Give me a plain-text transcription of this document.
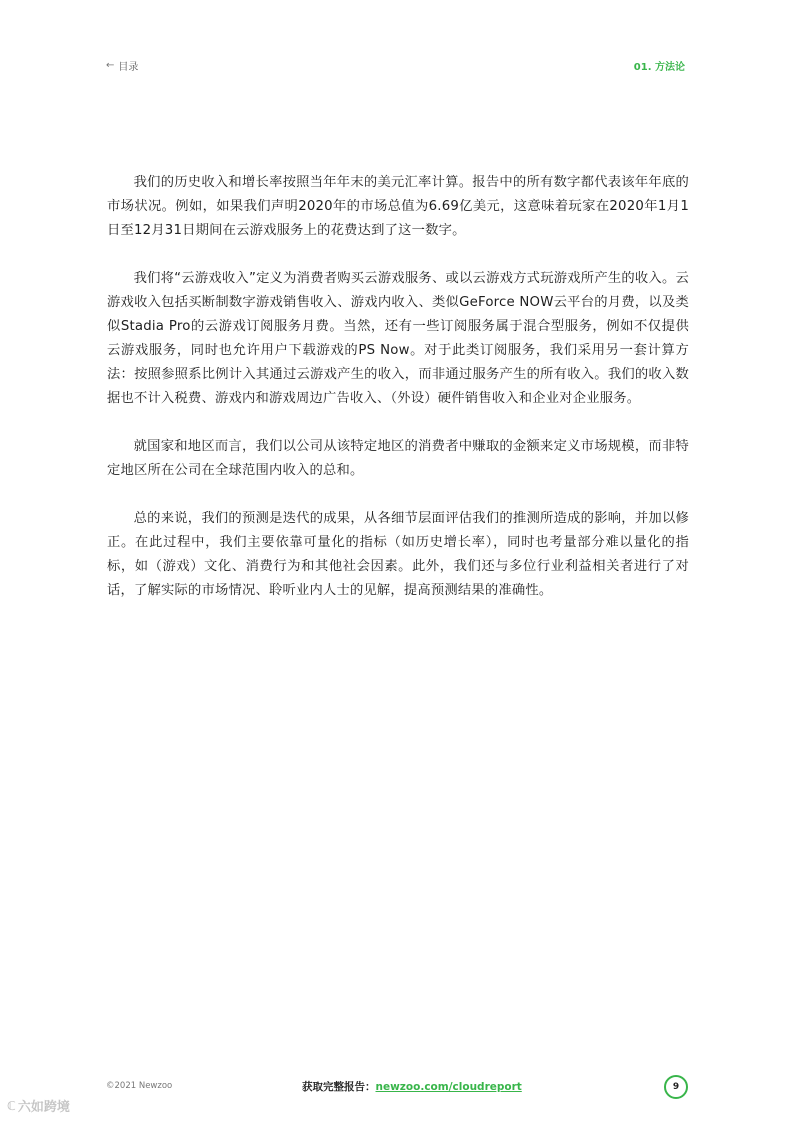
← 目录	01. 方法论

我们的历史收入和增长率按照当年年末的美元汇率计算。报告中的所有数字都代表该年年底的市场状况。例如，如果我们声明2020年的市场总值为6.69亿美元，这意味着玩家在2020年1月1日至12月31日期间在云游戏服务上的花费达到了这一数字。

我们将“云游戏收入”定义为消费者购买云游戏服务、或以云游戏方式玩游戏所产生的收入。云游戏收入包括买断制数字游戏销售收入、游戏内收入、类似GeForce NOW云平台的月费，以及类似Stadia Pro的云游戏订阅服务月费。当然，还有一些订阅服务属于混合型服务，例如不仅提供云游戏服务，同时也允许用户下载游戏的PS Now。对于此类订阅服务，我们采用另一套计算方法：按照参照系比例计入其通过云游戏产生的收入，而非通过服务产生的所有收入。我们的收入数据也不计入税费、游戏内和游戏周边广告收入、（外设）硬件销售收入和企业对企业服务。

就国家和地区而言，我们以公司从该特定地区的消费者中赚取的金额来定义市场规模，而非特定地区所在公司在全球范围内收入的总和。

总的来说，我们的预测是迭代的成果，从各细节层面评估我们的推测所造成的影响，并加以修正。在此过程中，我们主要依靠可量化的指标（如历史增长率），同时也考量部分难以量化的指标，如（游戏）文化、消费行为和其他社会因素。此外，我们还与多位行业利益相关者进行了对话，了解实际的市场情况、聆听业内人士的见解，提高预测结果的准确性。

©2021 Newzoo	获取完整报告：newzoo.com/cloudreport	9
ℂ 六如跨境
